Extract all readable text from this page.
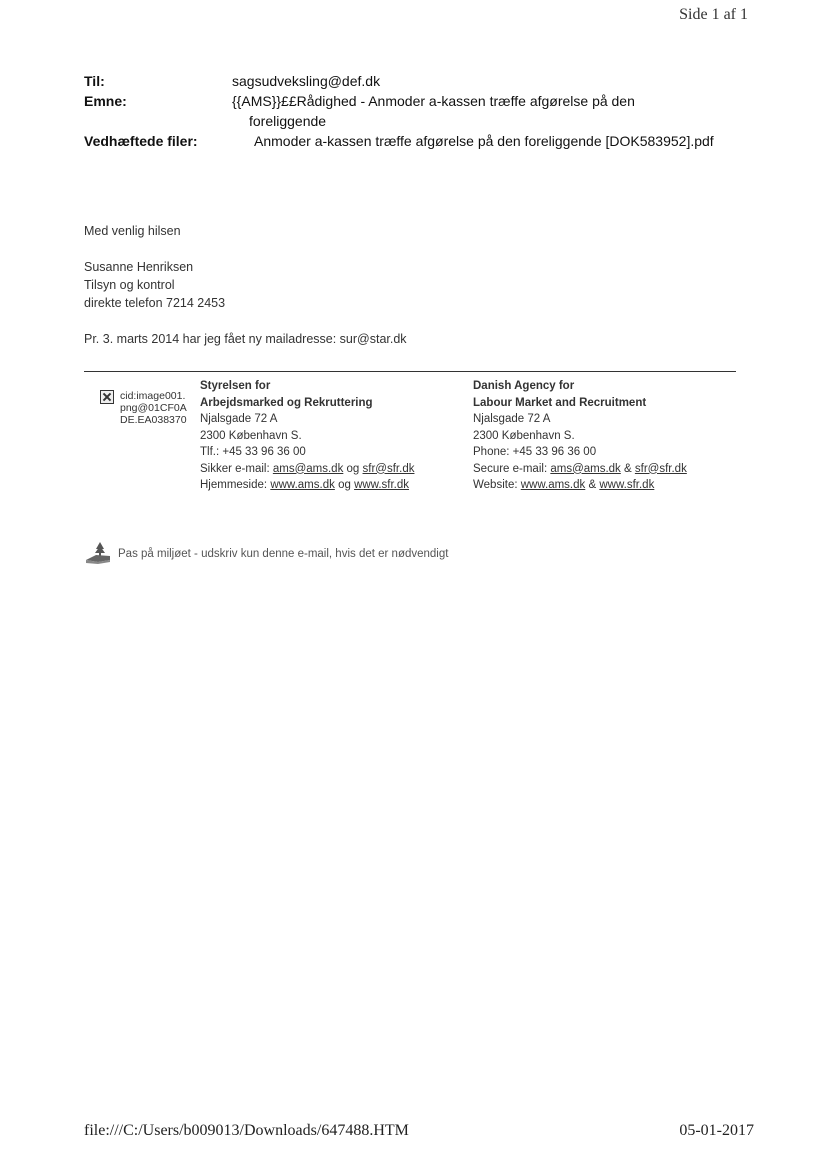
Side 1 af 1
Til:	sagsudveksling@def.dk
Emne:	{{AMS}}££Rådighed - Anmoder a-kassen træffe afgørelse på den
foreliggende
Vedhæftede filer:	Anmoder a-kassen træffe afgørelse på den foreliggende [DOK583952].pdf
Med venlig hilsen
Susanne Henriksen
Tilsyn og kontrol
direkte telefon 7214 2453
Pr. 3. marts 2014 har jeg fået ny mailadresse: sur@star.dk
cid:image001.png@01CF0ADE.EA038370
Styrelsen for
Arbejdsmarked og Rekruttering
Njalsgade 72 A
2300 København S.
Tlf.: +45 33 96 36 00
Sikker e-mail: ams@ams.dk og sfr@sfr.dk
Hjemmeside: www.ams.dk og www.sfr.dk
Danish Agency for
Labour Market and Recruitment
Njalsgade 72 A
2300 København S.
Phone: +45 33 96 36 00
Secure e-mail: ams@ams.dk & sfr@sfr.dk
Website: www.ams.dk & www.sfr.dk
Pas på miljøet - udskriv kun denne e-mail, hvis det er nødvendigt
file:///C:/Users/b009013/Downloads/647488.HTM	05-01-2017
